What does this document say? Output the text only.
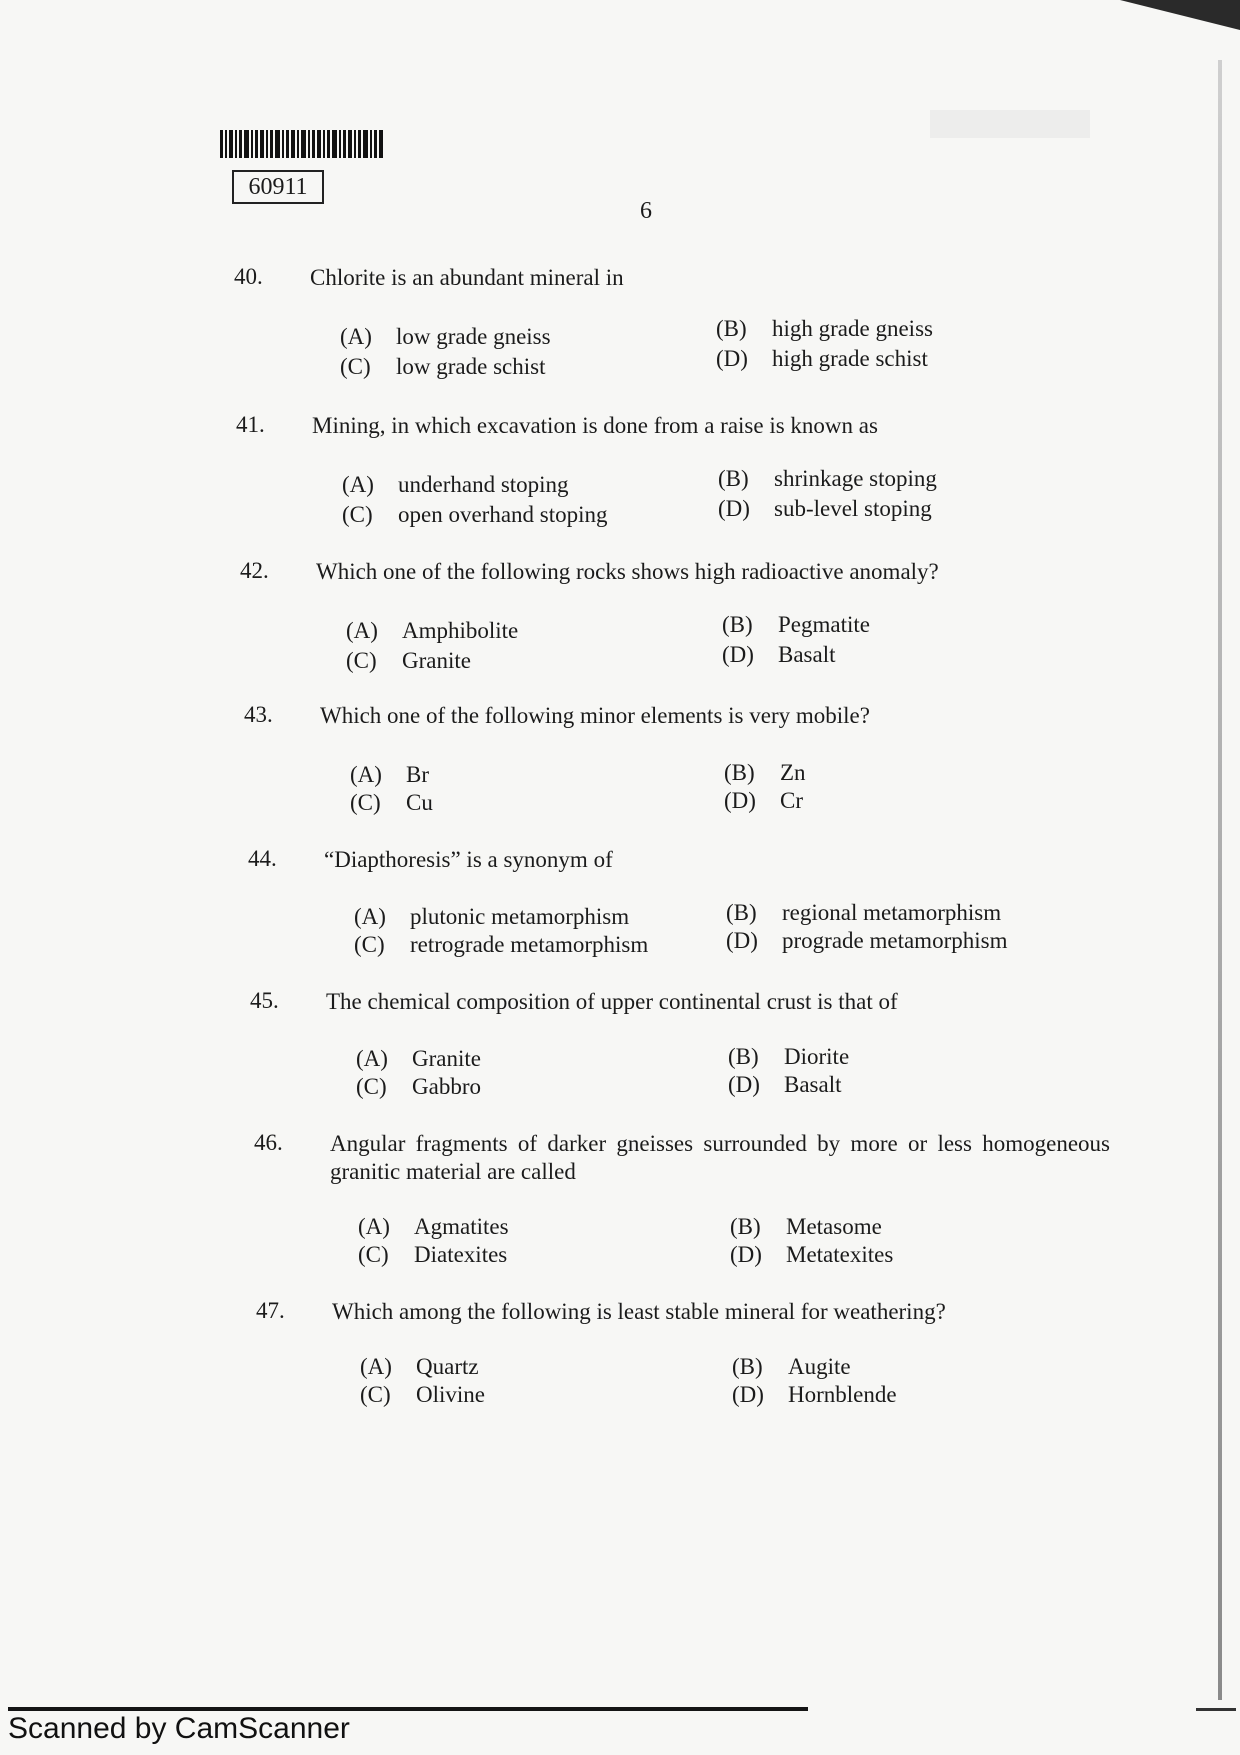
60911
6
40. Chlorite is an abundant mineral in
(A) low grade gneiss	(B) high grade gneiss
(C) low grade schist	(D) high grade schist
41. Mining, in which excavation is done from a raise is known as
(A) underhand stoping	(B) shrinkage stoping
(C) open overhand stoping	(D) sub-level stoping
42. Which one of the following rocks shows high radioactive anomaly?
(A) Amphibolite	(B) Pegmatite
(C) Granite	(D) Basalt
43. Which one of the following minor elements is very mobile?
(A) Br	(B) Zn
(C) Cu	(D) Cr
44. “Diapthoresis” is a synonym of
(A) plutonic metamorphism	(B) regional metamorphism
(C) retrograde metamorphism	(D) prograde metamorphism
45. The chemical composition of upper continental crust is that of
(A) Granite	(B) Diorite
(C) Gabbro	(D) Basalt
46. Angular fragments of darker gneisses surrounded by more or less homogeneous granitic material are called
(A) Agmatites	(B) Metasome
(C) Diatexites	(D) Metatexites
47. Which among the following is least stable mineral for weathering?
(A) Quartz	(B) Augite
(C) Olivine	(D) Hornblende
Scanned by CamScanner
